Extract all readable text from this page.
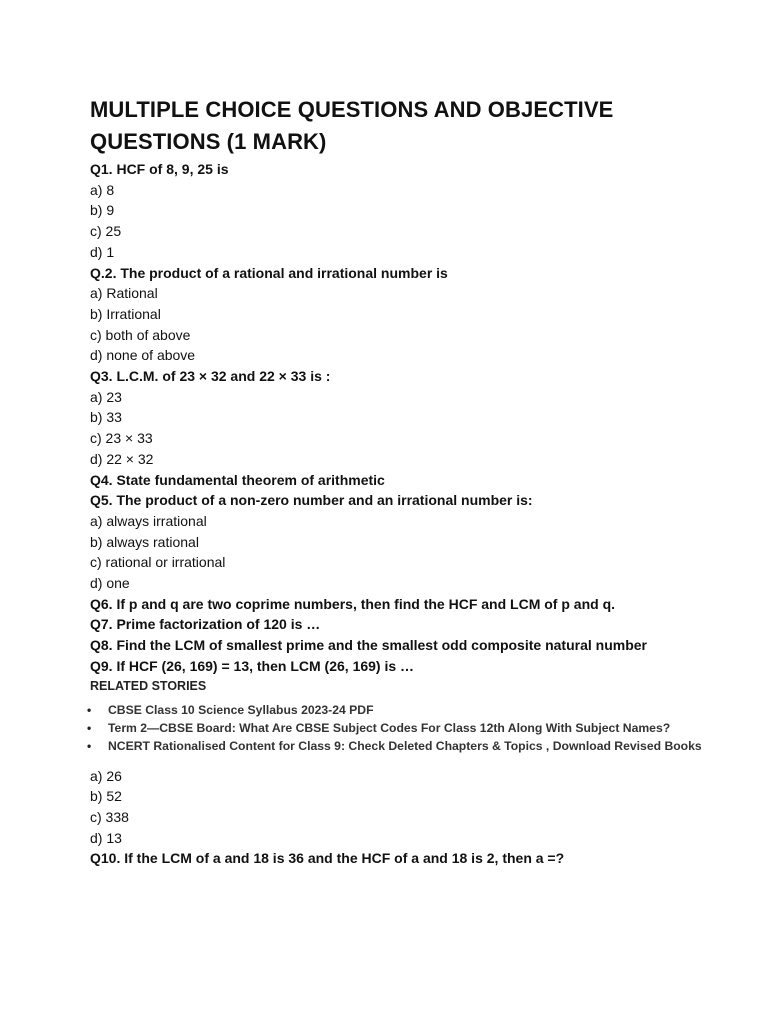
MULTIPLE CHOICE QUESTIONS AND OBJECTIVE QUESTIONS (1 MARK)

Q1. HCF of 8, 9, 25 is

a) 8

b) 9

c) 25

d) 1

Q.2. The product of a rational and irrational number is

a) Rational

b) Irrational

c) both of above

d) none of above

Q3. L.C.M. of 23 × 32 and 22 × 33 is :

a) 23

b) 33

c) 23 × 33

d) 22 × 32

Q4. State fundamental theorem of arithmetic

Q5. The product of a non-zero number and an irrational number is:

a) always irrational

b) always rational

c) rational or irrational

d) one

Q6. If p and q are two coprime numbers, then find the HCF and LCM of p and q.

Q7. Prime factorization of 120 is …

Q8. Find the LCM of smallest prime and the smallest odd composite natural number

Q9. If HCF (26, 169) = 13, then LCM (26, 169) is …

RELATED STORIES
• CBSE Class 10 Science Syllabus 2023-24 PDF
• Term 2—CBSE Board: What Are CBSE Subject Codes For Class 12th Along With Subject Names?
• NCERT Rationalised Content for Class 9: Check Deleted Chapters & Topics , Download Revised Books

a) 26

b) 52

c) 338

d) 13

Q10. If the LCM of a and 18 is 36 and the HCF of a and 18 is 2, then a =?
